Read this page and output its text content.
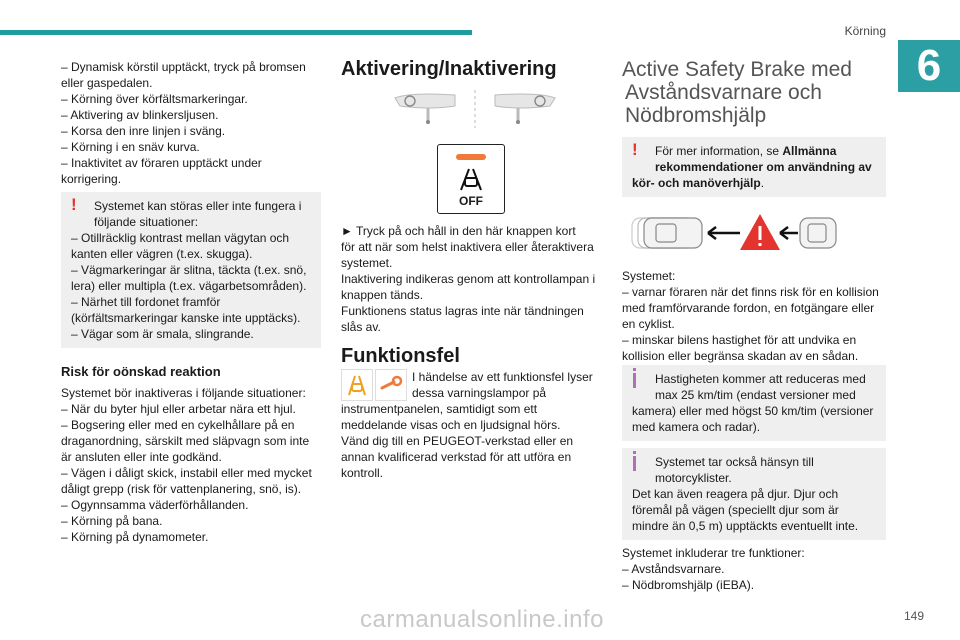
Körning
6
– Dynamisk körstil upptäckt, tryck på bromsen
eller gaspedalen.
– Körning över körfältsmarkeringar.
– Aktivering av blinkersljusen.
– Korsa den inre linjen i sväng.
– Körning i en snäv kurva.
– Inaktivitet av föraren upptäckt under
korrigering.
!	Systemet kan störas eller inte fungera i
följande situationer:
– Otillräcklig kontrast mellan vägytan och
kanten eller vägren (t.ex. skugga).
– Vägmarkeringar är slitna, täckta (t.ex. snö,
lera) eller multipla (t.ex. vägarbetsområden).
– Närhet till fordonet framför
(körfältsmarkeringar kanske inte upptäcks).
– Vägar som är smala, slingrande.
Risk för oönskad reaktion
Systemet bör inaktiveras i följande situationer:
– När du byter hjul eller arbetar nära ett hjul.
– Bogsering eller med en cykelhållare på en
draganordning, särskilt med släpvagn som inte
är ansluten eller inte godkänd.
– Vägen i dåligt skick, instabil eller med mycket
dåligt grepp (risk för vattenplanering, snö, is).
– Ogynnsamma väderförhållanden.
– Körning på bana.
– Körning på dynamometer.
Aktivering/Inaktivering
OFF
► Tryck på och håll in den här knappen kort
för att när som helst inaktivera eller återaktivera
systemet.
Inaktivering indikeras genom att kontrollampan i
knappen tänds.
Funktionens status lagras inte när tändningen
slås av.
Funktionsfel
I händelse av ett funktionsfel lyser
dessa varningslampor på
instrumentpanelen, samtidigt som ett
meddelande visas och en ljudsignal hörs.
Vänd dig till en PEUGEOT-verkstad eller en
annan kvalificerad verkstad för att utföra en
kontroll.
Active Safety Brake med
Avståndsvarnare och
Nödbromshjälp
!	För mer information, se Allmänna
rekommendationer om användning av
kör- och manöverhjälp.
Systemet:
– varnar föraren när det finns risk för en kollision
med framförvarande fordon, en fotgängare eller
en cyklist.
– minskar bilens hastighet för att undvika en
kollision eller begränsa skadan av en sådan.
Hastigheten kommer att reduceras med
max 25 km/tim (endast versioner med
kamera) eller med högst 50 km/tim (versioner
med kamera och radar).
Systemet tar också hänsyn till
motorcyklister.
Det kan även reagera på djur. Djur och
föremål på vägen (speciellt djur som är
mindre än 0,5 m) upptäckts eventuellt inte.
Systemet inkluderar tre funktioner:
– Avståndsvarnare.
– Nödbromshjälp (iEBA).
149
carmanualsonline.info
